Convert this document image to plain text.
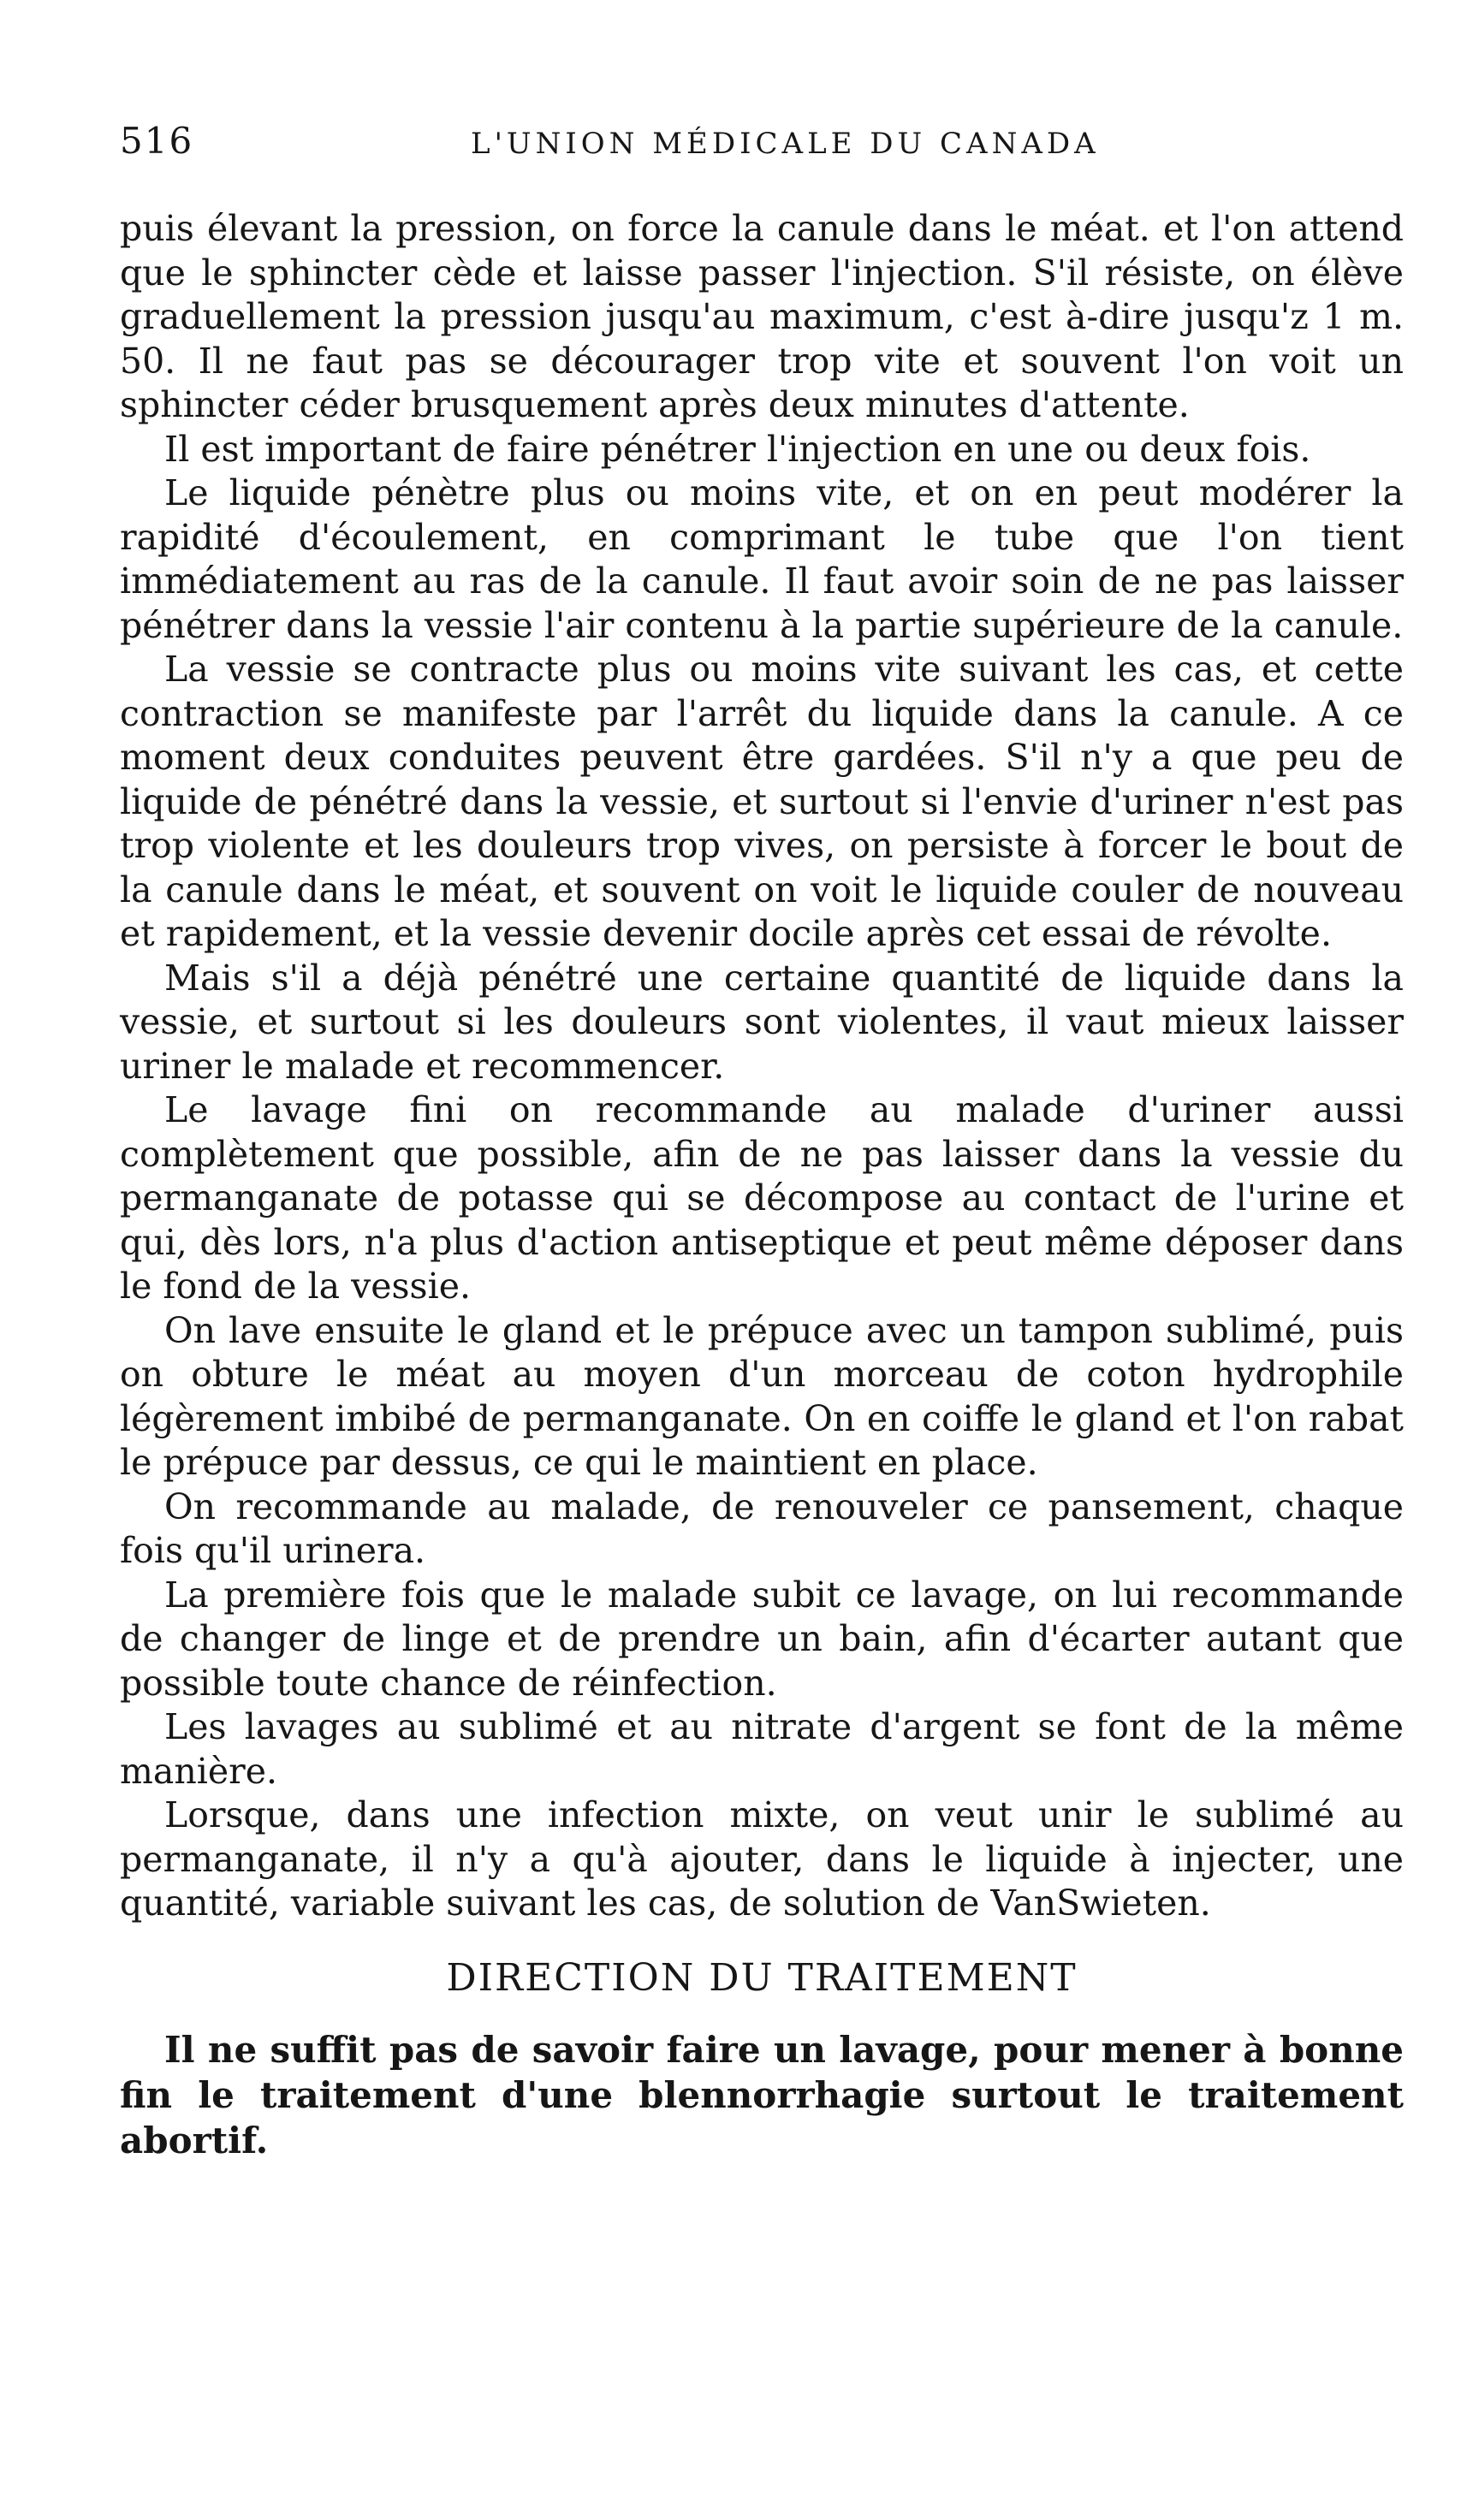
516	L'UNION MÉDICALE DU CANADA

puis élevant la pression, on force la canule dans le méat. et l'on attend que le sphincter cède et laisse passer l'injection. S'il résiste, on élève graduellement la pression jusqu'au maximum, c'est à-dire jusqu'z 1 m. 50. Il ne faut pas se décourager trop vite et souvent l'on voit un sphincter céder brusquement après deux minutes d'attente.

Il est important de faire pénétrer l'injection en une ou deux fois.

Le liquide pénètre plus ou moins vite, et on en peut modérer la rapidité d'écoulement, en comprimant le tube que l'on tient immédiatement au ras de la canule. Il faut avoir soin de ne pas laisser pénétrer dans la vessie l'air contenu à la partie supérieure de la canule.

La vessie se contracte plus ou moins vite suivant les cas, et cette contraction se manifeste par l'arrêt du liquide dans la canule. A ce moment deux conduites peuvent être gardées. S'il n'y a que peu de liquide de pénétré dans la vessie, et surtout si l'envie d'uriner n'est pas trop violente et les douleurs trop vives, on persiste à forcer le bout de la canule dans le méat, et souvent on voit le liquide couler de nouveau et rapidement, et la vessie devenir docile après cet essai de révolte.

Mais s'il a déjà pénétré une certaine quantité de liquide dans la vessie, et surtout si les douleurs sont violentes, il vaut mieux laisser uriner le malade et recommencer.

Le lavage fini on recommande au malade d'uriner aussi complètement que possible, afin de ne pas laisser dans la vessie du permanganate de potasse qui se décompose au contact de l'urine et qui, dès lors, n'a plus d'action antiseptique et peut même déposer dans le fond de la vessie.

On lave ensuite le gland et le prépuce avec un tampon sublimé, puis on obture le méat au moyen d'un morceau de coton hydrophile légèrement imbibé de permanganate. On en coiffe le gland et l'on rabat le prépuce par dessus, ce qui le maintient en place.

On recommande au malade, de renouveler ce pansement, chaque fois qu'il urinera.

La première fois que le malade subit ce lavage, on lui recommande de changer de linge et de prendre un bain, afin d'écarter autant que possible toute chance de réinfection.

Les lavages au sublimé et au nitrate d'argent se font de la même manière.

Lorsque, dans une infection mixte, on veut unir le sublimé au permanganate, il n'y a qu'à ajouter, dans le liquide à injecter, une quantité, variable suivant les cas, de solution de VanSwieten.

DIRECTION DU TRAITEMENT

Il ne suffit pas de savoir faire un lavage, pour mener à bonne fin le traitement d'une blennorrhagie surtout le traitement abortif.
